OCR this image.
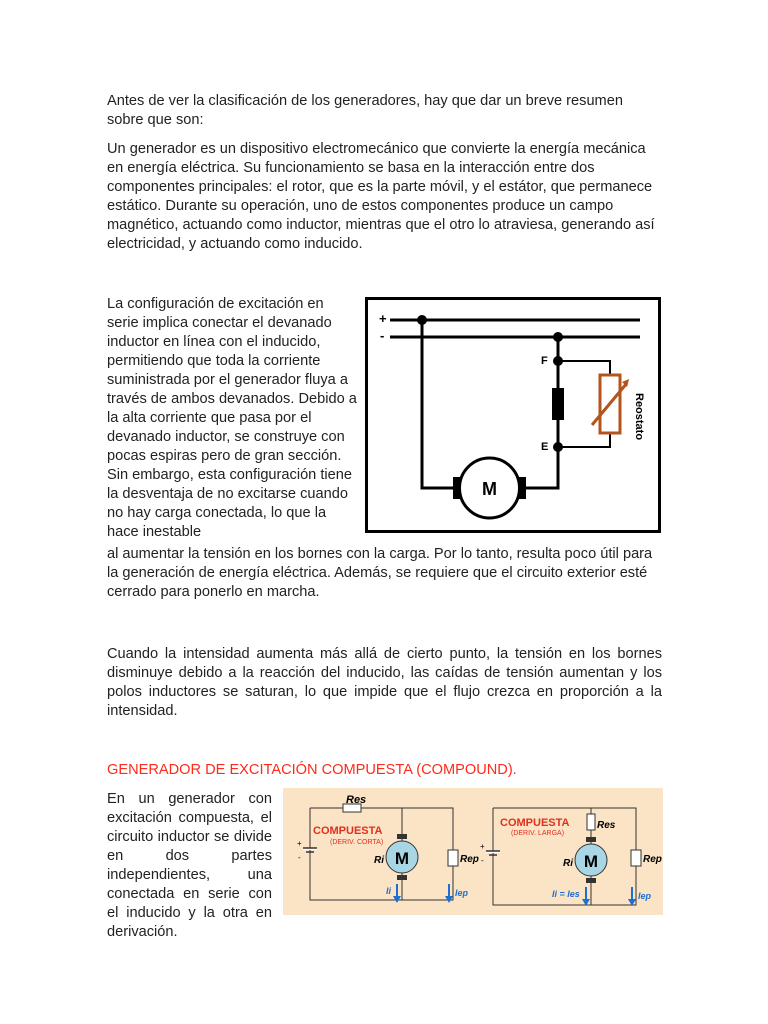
Antes de ver la clasificación de los generadores, hay que dar un breve resumen sobre que son:

Un generador es un dispositivo electromecánico que convierte la energía mecánica en energía eléctrica. Su funcionamiento se basa en la interacción entre dos componentes principales: el rotor, que es la parte móvil, y el estátor, que permanece estático. Durante su operación, uno de estos componentes produce un campo magnético, actuando como inductor, mientras que el otro lo atraviesa, generando así electricidad, y actuando como inducido.

La configuración de excitación en serie implica conectar el devanado inductor en línea con el inducido, permitiendo que toda la corriente suministrada por el generador fluya a través de ambos devanados. Debido a la alta corriente que pasa por el devanado inductor, se construye con pocas espiras pero de gran sección. Sin embargo, esta configuración tiene la desventaja de no excitarse cuando no hay carga conectada, lo que la hace inestable

+
-
F
E
Reostato
M

al aumentar la tensión en los bornes con la carga. Por lo tanto, resulta poco útil para la generación de energía eléctrica. Además, se requiere que el circuito exterior esté cerrado para ponerlo en marcha.

Cuando la intensidad aumenta más allá de cierto punto, la tensión en los bornes disminuye debido a la reacción del inducido, las caídas de tensión aumentan y los polos inductores se saturan, lo que impide que el flujo crezca en proporción a la intensidad.

GENERADOR DE EXCITACIÓN COMPUESTA (COMPOUND).

En un generador con excitación compuesta, el circuito inductor se divide en dos partes independientes, una conectada en serie con el inducido y la otra en derivación.

Res
+
-
COMPUESTA
(DERIV. CORTA)
M
Ri	Rep
Ii	Iep
Res
+
-
COMPUESTA
(DERIV. LARGA)
M
Ri	Rep
Ii = Ies	Iep
